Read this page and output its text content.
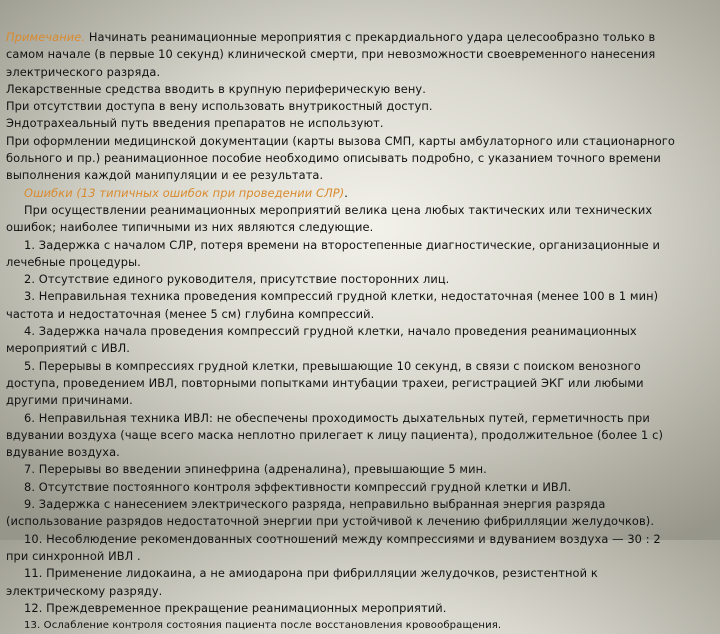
Примечание. Начинать реанимационные мероприятия с прекардиального удара целесообразно только в
самом начале (в первые 10 секунд) клинической смерти, при невозможности своевременного нанесения
электрического разряда.
Лекарственные средства вводить в крупную периферическую вену.
При отсутствии доступа в вену использовать внутрикостный доступ.
Эндотрахеальный путь введения препаратов не используют.
При оформлении медицинской документации (карты вызова СМП, карты амбулаторного или стационарного
больного и пр.) реанимационное пособие необходимо описывать подробно, с указанием точного времени
выполнения каждой манипуляции и ее результата.
Ошибки (13 типичных ошибок при проведении СЛР).
При осуществлении реанимационных мероприятий велика цена любых тактических или технических
ошибок; наиболее типичными из них являются следующие.
1. Задержка с началом СЛР, потеря времени на второстепенные диагностические, организационные и
лечебные процедуры.
2. Отсутствие единого руководителя, присутствие посторонних лиц.
3. Неправильная техника проведения компрессий грудной клетки, недостаточная (менее 100 в 1 мин)
частота и недостаточная (менее 5 см) глубина компрессий.
4. Задержка начала проведения компрессий грудной клетки, начало проведения реанимационных
мероприятий с ИВЛ.
5. Перерывы в компрессиях грудной клетки, превышающие 10 секунд, в связи с поиском венозного
доступа, проведением ИВЛ, повторными попытками интубации трахеи, регистрацией ЭКГ или любыми
другими причинами.
6. Неправильная техника ИВЛ: не обеспечены проходимость дыхательных путей, герметичность при
вдувании воздуха (чаще всего маска неплотно прилегает к лицу пациента), продолжительное (более 1 с)
вдувание воздуха.
7. Перерывы во введении эпинефрина (адреналина), превышающие 5 мин.
8. Отсутствие постоянного контроля эффективности компрессий грудной клетки и ИВЛ.
9. Задержка с нанесением электрического разряда, неправильно выбранная энергия разряда
(использование разрядов недостаточной энергии при устойчивой к лечению фибрилляции желудочков).
10. Несоблюдение рекомендованных соотношений между компрессиями и вдуванием воздуха — 30 : 2
при синхронной ИВЛ .
11. Применение лидокаина, а не амиодарона при фибрилляции желудочков, резистентной к
электрическому разряду.
12. Преждевременное прекращение реанимационных мероприятий.
13. Ослабление контроля состояния пациента после восстановления кровообращения.
